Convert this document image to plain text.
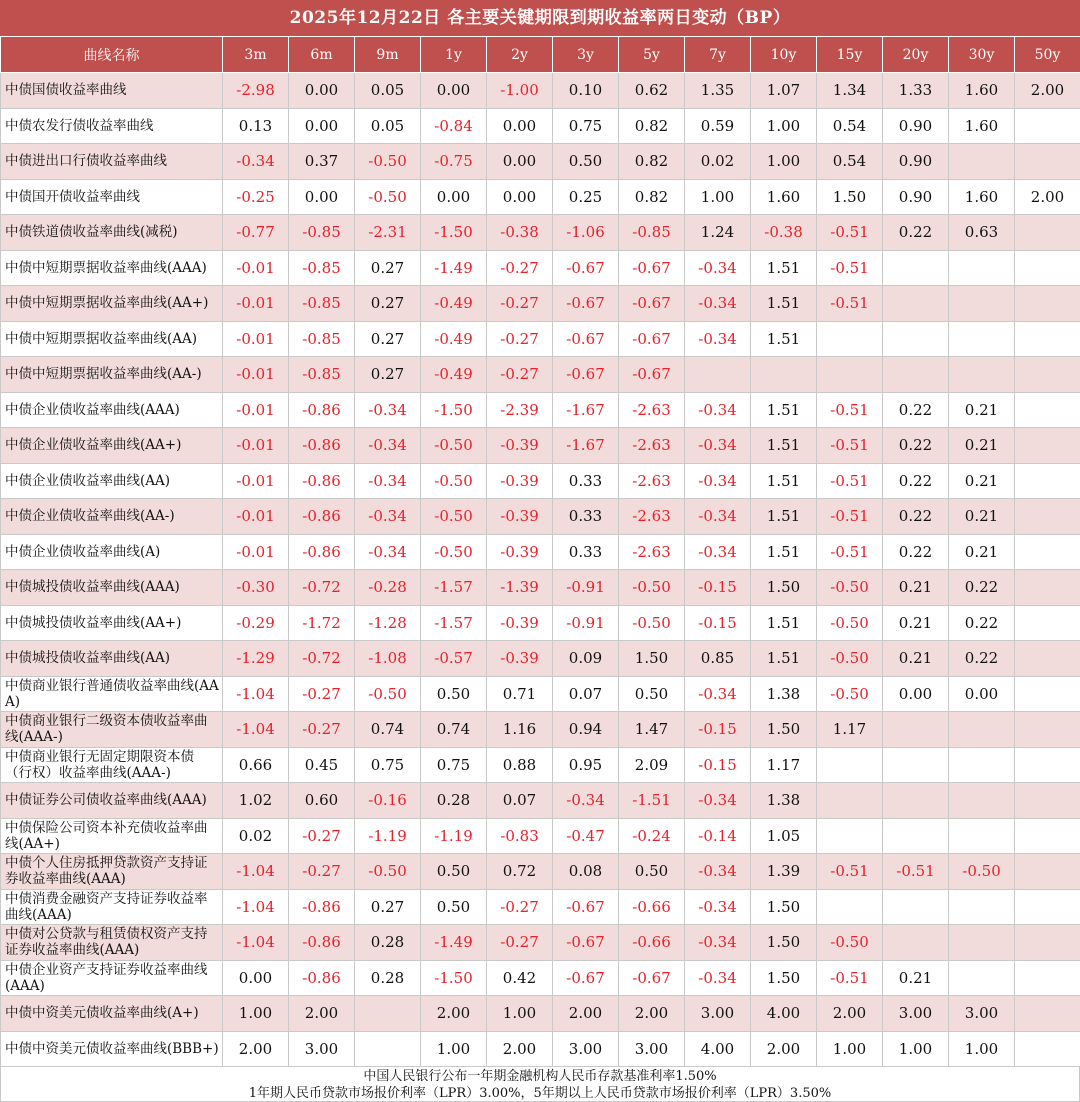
2025年12月22日 各主要关键期限到期收益率两日变动（BP）
曲线名称	3m	6m	9m	1y	2y	3y	5y	7y	10y	15y	20y	30y	50y
中债国债收益率曲线	-2.98	0.00	0.05	0.00	-1.00	0.10	0.62	1.35	1.07	1.34	1.33	1.60	2.00
中债农发行债收益率曲线	0.13	0.00	0.05	-0.84	0.00	0.75	0.82	0.59	1.00	0.54	0.90	1.60	
中债进出口行债收益率曲线	-0.34	0.37	-0.50	-0.75	0.00	0.50	0.82	0.02	1.00	0.54	0.90		
中债国开债收益率曲线	-0.25	0.00	-0.50	0.00	0.00	0.25	0.82	1.00	1.60	1.50	0.90	1.60	2.00
中债铁道债收益率曲线(减税)	-0.77	-0.85	-2.31	-1.50	-0.38	-1.06	-0.85	1.24	-0.38	-0.51	0.22	0.63	
中债中短期票据收益率曲线(AAA)	-0.01	-0.85	0.27	-1.49	-0.27	-0.67	-0.67	-0.34	1.51	-0.51			
中债中短期票据收益率曲线(AA+)	-0.01	-0.85	0.27	-0.49	-0.27	-0.67	-0.67	-0.34	1.51	-0.51			
中债中短期票据收益率曲线(AA)	-0.01	-0.85	0.27	-0.49	-0.27	-0.67	-0.67	-0.34	1.51				
中债中短期票据收益率曲线(AA-)	-0.01	-0.85	0.27	-0.49	-0.27	-0.67	-0.67						
中债企业债收益率曲线(AAA)	-0.01	-0.86	-0.34	-1.50	-2.39	-1.67	-2.63	-0.34	1.51	-0.51	0.22	0.21	
中债企业债收益率曲线(AA+)	-0.01	-0.86	-0.34	-0.50	-0.39	-1.67	-2.63	-0.34	1.51	-0.51	0.22	0.21	
中债企业债收益率曲线(AA)	-0.01	-0.86	-0.34	-0.50	-0.39	0.33	-2.63	-0.34	1.51	-0.51	0.22	0.21	
中债企业债收益率曲线(AA-)	-0.01	-0.86	-0.34	-0.50	-0.39	0.33	-2.63	-0.34	1.51	-0.51	0.22	0.21	
中债企业债收益率曲线(A)	-0.01	-0.86	-0.34	-0.50	-0.39	0.33	-2.63	-0.34	1.51	-0.51	0.22	0.21	
中债城投债收益率曲线(AAA)	-0.30	-0.72	-0.28	-1.57	-1.39	-0.91	-0.50	-0.15	1.50	-0.50	0.21	0.22	
中债城投债收益率曲线(AA+)	-0.29	-1.72	-1.28	-1.57	-0.39	-0.91	-0.50	-0.15	1.51	-0.50	0.21	0.22	
中债城投债收益率曲线(AA)	-1.29	-0.72	-1.08	-0.57	-0.39	0.09	1.50	0.85	1.51	-0.50	0.21	0.22	
中债商业银行普通债收益率曲线(AAA)	-1.04	-0.27	-0.50	0.50	0.71	0.07	0.50	-0.34	1.38	-0.50	0.00	0.00	
中债商业银行二级资本债收益率曲线(AAA-)	-1.04	-0.27	0.74	0.74	1.16	0.94	1.47	-0.15	1.50	1.17			
中债商业银行无固定期限资本债（行权）收益率曲线(AAA-)	0.66	0.45	0.75	0.75	0.88	0.95	2.09	-0.15	1.17				
中债证券公司债收益率曲线(AAA)	1.02	0.60	-0.16	0.28	0.07	-0.34	-1.51	-0.34	1.38				
中债保险公司资本补充债收益率曲线(AA+)	0.02	-0.27	-1.19	-1.19	-0.83	-0.47	-0.24	-0.14	1.05				
中债个人住房抵押贷款资产支持证券收益率曲线(AAA)	-1.04	-0.27	-0.50	0.50	0.72	0.08	0.50	-0.34	1.39	-0.51	-0.51	-0.50	
中债消费金融资产支持证券收益率曲线(AAA)	-1.04	-0.86	0.27	0.50	-0.27	-0.67	-0.66	-0.34	1.50				
中债对公贷款与租赁债权资产支持证券收益率曲线(AAA)	-1.04	-0.86	0.28	-1.49	-0.27	-0.67	-0.66	-0.34	1.50	-0.50			
中债企业资产支持证券收益率曲线(AAA)	0.00	-0.86	0.28	-1.50	0.42	-0.67	-0.67	-0.34	1.50	-0.51	0.21		
中债中资美元债收益率曲线(A+)	1.00	2.00		2.00	1.00	2.00	2.00	3.00	4.00	2.00	3.00	3.00	
中债中资美元债收益率曲线(BBB+)	2.00	3.00		1.00	2.00	3.00	3.00	4.00	2.00	1.00	1.00	1.00	
中国人民银行公布一年期金融机构人民币存款基准利率1.50%
1年期人民币贷款市场报价利率（LPR）3.00%，5年期以上人民币贷款市场报价利率（LPR）3.50%
